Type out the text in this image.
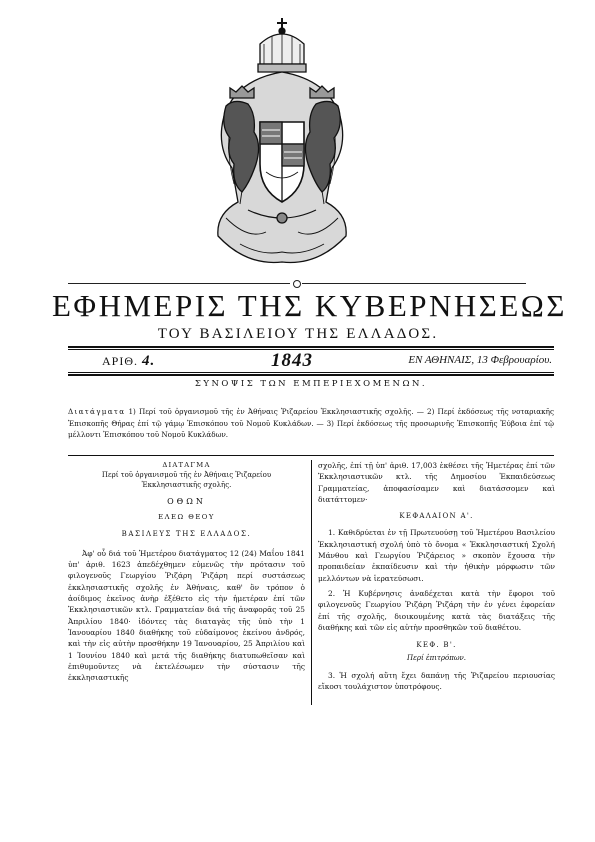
ΕΦΗΜΕΡΙΣ ΤΗΣ ΚΥΒΕΡΝΗΣΕΩΣ
ΤΟΥ ΒΑΣΙΛΕΙΟΥ ΤΗΣ ΕΛΛΑΔΟΣ.
ΑΡΙΘ. 4.	1843	ΕΝ ΑΘΗΝΑΙΣ, 13 Φεβρουαρίου.
ΣΥΝΟΨΙΣ ΤΩΝ ΕΜΠΕΡΙΕΧΟΜΕΝΩΝ.
Διατάγματα 1) Περί τοῦ ὀργανισμοῦ τῆς ἐν Ἀθήναις Ῥιζαρείου Ἐκκλησιαστικῆς σχολῆς. — 2) Περί ἐκδόσεως τῆς νοταριακῆς Ἐπισκοπῆς Θήρας ἐπί τῷ γάμῳ Ἐπισκόπου τοῦ Νομοῦ Κυκλάδων. — 3) Περί ἐκδόσεως τῆς προσωρινῆς Ἐπισκοπῆς Ἐύβοια ἐπί τῷ μέλλοντι Ἐπισκόπου τοῦ Νομοῦ Κυκλάδων.

ΔΙΑΤΑΓΜΑ

Περί τοῦ ὀργανισμοῦ τῆς ἐν Ἀθήναις Ῥιζαρείου Ἐκκλησιαστικῆς σχολῆς.

ΟΘΩΝ

ΕΛΕΩ ΘΕΟΥ

ΒΑΣΙΛΕΥΣ ΤΗΣ ΕΛΛΑΔΟΣ.

Ἀφ' οὗ διά τοῦ Ἡμετέρου διατάγματος 12 (24) Μαΐου 1841 ὑπ' ἀριθ. 1623 ἀπεδέχθημεν εὐμενῶς τὴν πρότασιν τοῦ φιλογενοῦς Γεωργίου Ῥιζάρη Ῥιζάρη περί συστάσεως ἐκκλησιαστικῆς σχολῆς ἐν Ἀθήναις, καθ' ὃν τρόπον ὁ ἀοίδιμος ἐκεῖνος ἀνὴρ ἐξέθετο εἰς τὴν ἡμετέραν ἐπί τῶν Ἐκκλησιαστικῶν κτλ. Γραμματείαν διά τῆς ἀναφορᾶς τοῦ 25 Ἀπριλίου 1840· ἰδόντες τὰς διαταγὰς τῆς ὑπὸ τὴν 1 Ἰανουαρίου 1840 διαθήκης τοῦ εὐδαίμονος ἐκείνου ἀνδρός, καὶ τὴν εἰς αὐτὴν προσθήκην 19 Ἰανουαρίου, 25 Ἀπριλίου καὶ 1 Ἰουνίου 1840 καὶ μετά τῆς διαθήκης διατυπωθεῖσαν καὶ ἐπιθυμοῦντες νὰ ἐκτελέσωμεν τὴν σύστασιν τῆς ἐκκλησιαστικῆς

σχολῆς, ἐπί τῇ ὑπ' ἀριθ. 17,003 ἐκθέσει τῆς Ἡμετέρας ἐπί τῶν Ἐκκλησιαστικῶν κτλ. τῆς Δημοσίου Ἐκπαιδεύσεως Γραμματείας, ἀποφασίσαμεν καὶ διατάσσομεν καὶ διατάττομεν·

ΚΕΦΑΛΑΙΟΝ Α'.

1. Καθιδρύεται ἐν τῇ Πρωτευούσῃ τοῦ Ἡμετέρου Βασιλείου Ἐκκλησιαστική σχολή ὑπὸ τὸ ὄνομα « Ἐκκλησιαστική Σχολή Μάνθου καὶ Γεωργίου Ῥιζάρειος » σκοπὸν ἔχουσα τὴν προπαιδείαν ἐκπαίδευσιν καὶ τὴν ἠθικὴν μόρφωσιν τῶν μελλόντων νὰ ἱερατεύσωσι.

2. Ἡ Κυβέρνησις ἀναδέχεται κατὰ τὴν ἔφοροι τοῦ φιλογενοῦς Γεωργίου Ῥιζάρη Ῥιζάρη τὴν ἐν γένει ἐφορείαν ἐπί τῆς σχολῆς, διοικουμένης κατὰ τὰς διατάξεις τῆς διαθήκης καὶ τῶν εἰς αὐτὴν προσθηκῶν τοῦ διαθέτου.

ΚΕΦ. Β'.

Περί ἐπιτρόπων.

3. Ἡ σχολή αὕτη ἔχει δαπάνῃ τῆς Ῥιζαρείου περιουσίας εἴκοσι τουλάχιστον ὑποτρόφους.
